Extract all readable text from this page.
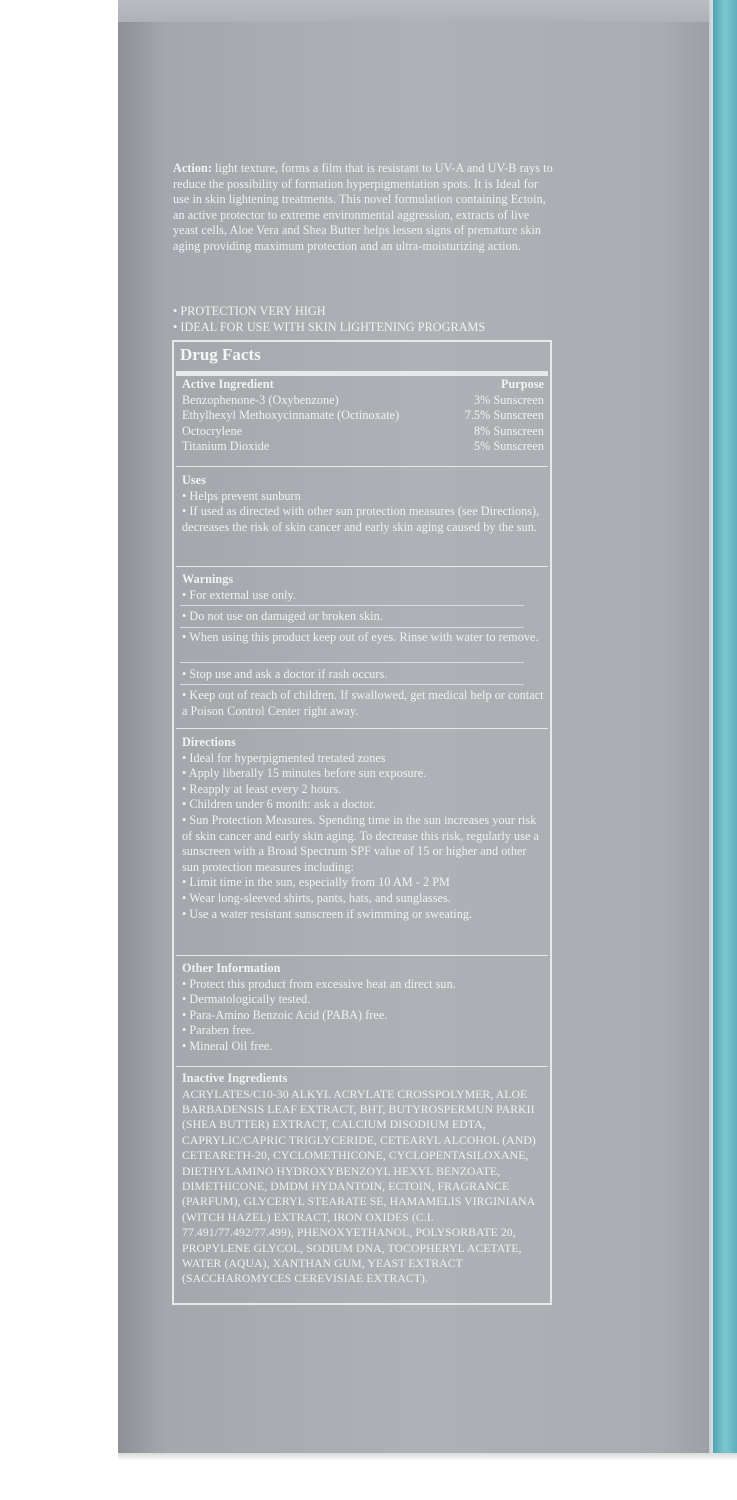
Action: light texture, forms a film that is resistant to UV-A and UV-B rays to reduce the possibility of formation hyperpigmentation spots. It is Ideal for use in skin lightening treatments. This novel formulation containing Ectoin, an active protector to extreme environmental aggression, extracts of live yeast cells, Aloe Vera and Shea Butter helps lessen signs of premature skin aging providing maximum protection and an ultra-moisturizing action.
• PROTECTION VERY HIGH
• IDEAL FOR USE WITH SKIN LIGHTENING PROGRAMS
Drug Facts
Active Ingredient	Purpose
Benzophenone-3 (Oxybenzone)	3% Sunscreen
Ethylhexyl Methoxycinnamate (Octinoxate)	7.5% Sunscreen
Octocrylene	8% Sunscreen
Titanium Dioxide	5% Sunscreen
Uses
• Helps prevent sunburn
• If used as directed with other sun protection measures (see Directions), decreases the risk of skin cancer and early skin aging caused by the sun.
Warnings
• For external use only.
• Do not use on damaged or broken skin.
• When using this product keep out of eyes. Rinse with water to remove.
• Stop use and ask a doctor if rash occurs.
• Keep out of reach of children. If swallowed, get medical help or contact a Poison Control Center right away.
Directions
• Ideal for hyperpigmented tretated zones
• Apply liberally 15 minutes before sun exposure.
• Reapply at least every 2 hours.
• Children under 6 month: ask a doctor.
• Sun Protection Measures. Spending time in the sun increases your risk of skin cancer and early skin aging. To decrease this risk, regularly use a sunscreen with a Broad Spectrum SPF value of 15 or higher and other sun protection measures including:
• Limit time in the sun, especially from 10 AM - 2 PM
• Wear long-sleeved shirts, pants, hats, and sunglasses.
• Use a water resistant sunscreen if swimming or sweating.
Other Information
• Protect this product from excessive heat an direct sun.
• Dermatologically tested.
• Para-Amino Benzoic Acid (PABA) free.
• Paraben free.
• Mineral Oil free.
Inactive Ingredients
ACRYLATES/C10-30 ALKYL ACRYLATE CROSSPOLYMER, ALOE BARBADENSIS LEAF EXTRACT, BHT, BUTYROSPERMUN PARKII (SHEA BUTTER) EXTRACT, CALCIUM DISODIUM EDTA, CAPRYLIC/CAPRIC TRIGLYCERIDE, CETEARYL ALCOHOL (AND) CETEARETH-20, CYCLOMETHICONE, CYCLOPENTASILOXANE, DIETHYLAMINO HYDROXYBENZOYL HEXYL BENZOATE, DIMETHICONE, DMDM HYDANTOIN, ECTOIN, FRAGRANCE (PARFUM), GLYCERYL STEARATE SE, HAMAMELIS VIRGINIANA (WITCH HAZEL) EXTRACT, IRON OXIDES (C.I. 77.491/77.492/77.499), PHENOXYETHANOL, POLYSORBATE 20, PROPYLENE GLYCOL, SODIUM DNA, TOCOPHERYL ACETATE, WATER (AQUA), XANTHAN GUM, YEAST EXTRACT (SACCHAROMYCES CEREVISIAE EXTRACT).
